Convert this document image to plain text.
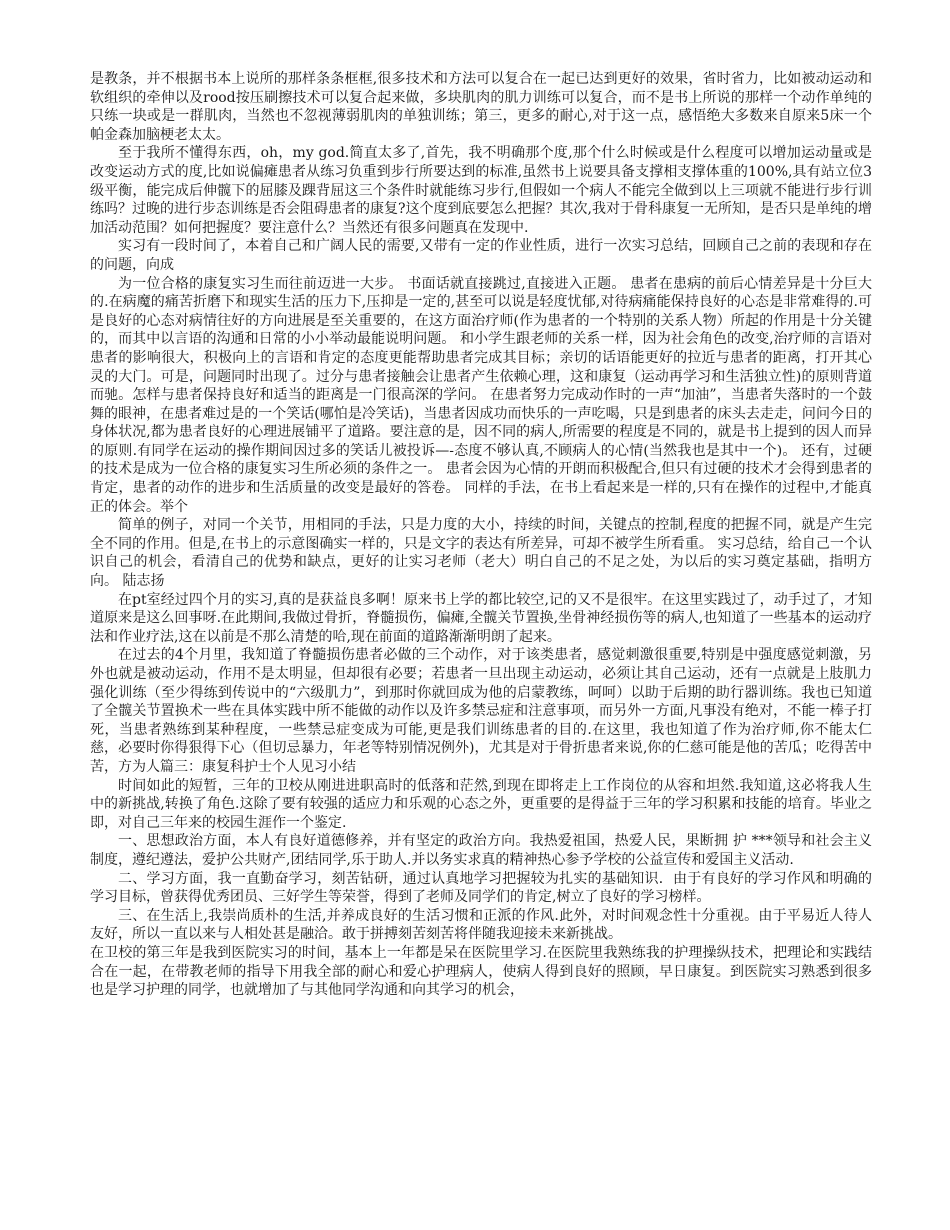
是教条，并不根据书本上说所的那样条条框框,很多技术和方法可以复合在一起已达到更好的效果，省时省力，比如被动运动和软组织的牵伸以及rood按压刷擦技术可以复合起来做，多块肌肉的肌力训练可以复合，而不是书上所说的那样一个动作单纯的只练一块或是一群肌肉，当然也不忽视薄弱肌肉的单独训练；第三，更多的耐心,对于这一点，感悟绝大多数来自原来5床一个帕金森加脑梗老太太。

至于我所不懂得东西，oh，my god.简直太多了,首先，我不明确那个度,那个什么时候或是什么程度可以增加运动量或是改变运动方式的度,比如说偏瘫患者从练习负重到步行所要达到的标准,虽然书上说要具备支撑相支撑体重的100%,具有站立位3级平衡，能完成后伸髋下的屈膝及踝背屈这三个条件时就能练习步行,但假如一个病人不能完全做到以上三项就不能进行步行训练吗？过晚的进行步态训练是否会阻碍患者的康复?这个度到底要怎么把握？其次,我对于骨科康复一无所知，是否只是单纯的增加活动范围？如何把握度？要注意什么？当然还有很多问题真在发现中.

实习有一段时间了，本着自己和广阔人民的需要,又带有一定的作业性质，进行一次实习总结，回顾自己之前的表现和存在的问题，向成

为一位合格的康复实习生而往前迈进一大步。 书面话就直接跳过,直接进入正题。 患者在患病的前后心情差异是十分巨大的.在病魔的痛苦折磨下和现实生活的压力下,压抑是一定的,甚至可以说是轻度忧郁,对待病痛能保持良好的心态是非常难得的.可是良好的心态对病情往好的方向进展是至关重要的，在这方面治疗师(作为患者的一个特别的关系人物）所起的作用是十分关键的，而其中以言语的沟通和日常的小小举动最能说明问题。 和小学生跟老师的关系一样，因为社会角色的改变,治疗师的言语对患者的影响很大，积极向上的言语和肯定的态度更能帮助患者完成其目标；亲切的话语能更好的拉近与患者的距离，打开其心灵的大门。可是，问题同时出现了。过分与患者接触会让患者产生依赖心理，这和康复（运动再学习和生活独立性)的原则背道而驰。怎样与患者保持良好和适当的距离是一门很高深的学问。 在患者努力完成动作时的一声“加油”，当患者失落时的一个鼓舞的眼神，在患者难过是的一个笑话(哪怕是冷笑话)，当患者因成功而快乐的一声吃喝，只是到患者的床头去走走，问问今日的身体状况,都为患者良好的心理进展铺平了道路。要注意的是，因不同的病人,所需要的程度是不同的，就是书上提到的因人而异的原则.有同学在运动的操作期间因过多的笑话儿被投诉—-态度不够认真,不顾病人的心情(当然我也是其中一个)。 还有，过硬的技术是成为一位合格的康复实习生所必须的条件之一。 患者会因为心情的开朗而积极配合,但只有过硬的技术才会得到患者的肯定，患者的动作的进步和生活质量的改变是最好的答卷。 同样的手法，在书上看起来是一样的,只有在操作的过程中,才能真正的体会。举个

简单的例子，对同一个关节，用相同的手法，只是力度的大小，持续的时间，关键点的控制,程度的把握不同，就是产生完全不同的作用。但是,在书上的示意图确实一样的，只是文字的表达有所差异，可却不被学生所看重。 实习总结，给自己一个认识自己的机会，看清自己的优势和缺点，更好的让实习老师（老大）明白自己的不足之处，为以后的实习奠定基础，指明方向。 陆志扬

在pt室经过四个月的实习,真的是获益良多啊！原来书上学的都比较空,记的又不是很牢。在这里实践过了，动手过了，才知道原来是这么回事呀.在此期间,我做过骨折，脊髓损伤，偏瘫,全髋关节置换,坐骨神经损伤等的病人,也知道了一些基本的运动疗法和作业疗法,这在以前是不那么清楚的哈,现在前面的道路渐渐明朗了起来。

在过去的4个月里，我知道了脊髓损伤患者必做的三个动作，对于该类患者，感觉刺激很重要,特别是中强度感觉刺激，另外也就是被动运动，作用不是太明显，但却很有必要；若患者一旦出现主动运动，必须让其自己运动，还有一点就是上肢肌力强化训练（至少得练到传说中的“六级肌力”，到那时你就回成为他的启蒙教练，呵呵）以助于后期的助行器训练。我也已知道了全髋关节置换术一些在具体实践中所不能做的动作以及许多禁忌症和注意事项，而另外一方面,凡事没有绝对，不能一棒子打死，当患者熟练到某种程度，一些禁忌症变成为可能,更是我们训练患者的目的.在这里，我也知道了作为治疗师,你不能太仁慈，必要时你得狠得下心（但切忌暴力，年老等特别情况例外)，尤其是对于骨折患者来说,你的仁慈可能是他的苦瓜；吃得苦中苦，方为人篇三：康复科护士个人见习小结

时间如此的短暂，三年的卫校从刚进进职高时的低落和茫然,到现在即将走上工作岗位的从容和坦然.我知道,这必将我人生中的新挑战,转换了角色.这除了要有较强的适应力和乐观的心态之外，更重要的是得益于三年的学习积累和技能的培育。毕业之即，对自己三年来的校园生涯作一个鉴定.

一、思想政治方面，本人有良好道德修养，并有坚定的政治方向。我热爱祖国，热爱人民，果断拥 护 ***领导和社会主义制度，遵纪遵法，爱护公共财产,团结同学,乐于助人.并以务实求真的精神热心参予学校的公益宣传和爱国主义活动.

二、学习方面，我一直勤奋学习，刻苦钻研，通过认真地学习把握较为扎实的基础知识．由于有良好的学习作风和明确的学习目标，曾获得优秀团员、三好学生等荣誉，得到了老师及同学们的肯定,树立了良好的学习榜样。

三、在生活上,我崇尚质朴的生活,并养成良好的生活习惯和正派的作风.此外，对时间观念性十分重视。由于平易近人待人友好，所以一直以来与人相处甚是融洽。敢于拼搏刻苦刻苦将伴随我迎接未来新挑战。

在卫校的第三年是我到医院实习的时间，基本上一年都是呆在医院里学习.在医院里我熟练我的护理操纵技术，把理论和实践结合在一起，在带教老师的指导下用我全部的耐心和爱心护理病人，使病人得到良好的照顾，早日康复。到医院实习熟悉到很多也是学习护理的同学，也就增加了与其他同学沟通和向其学习的机会，
